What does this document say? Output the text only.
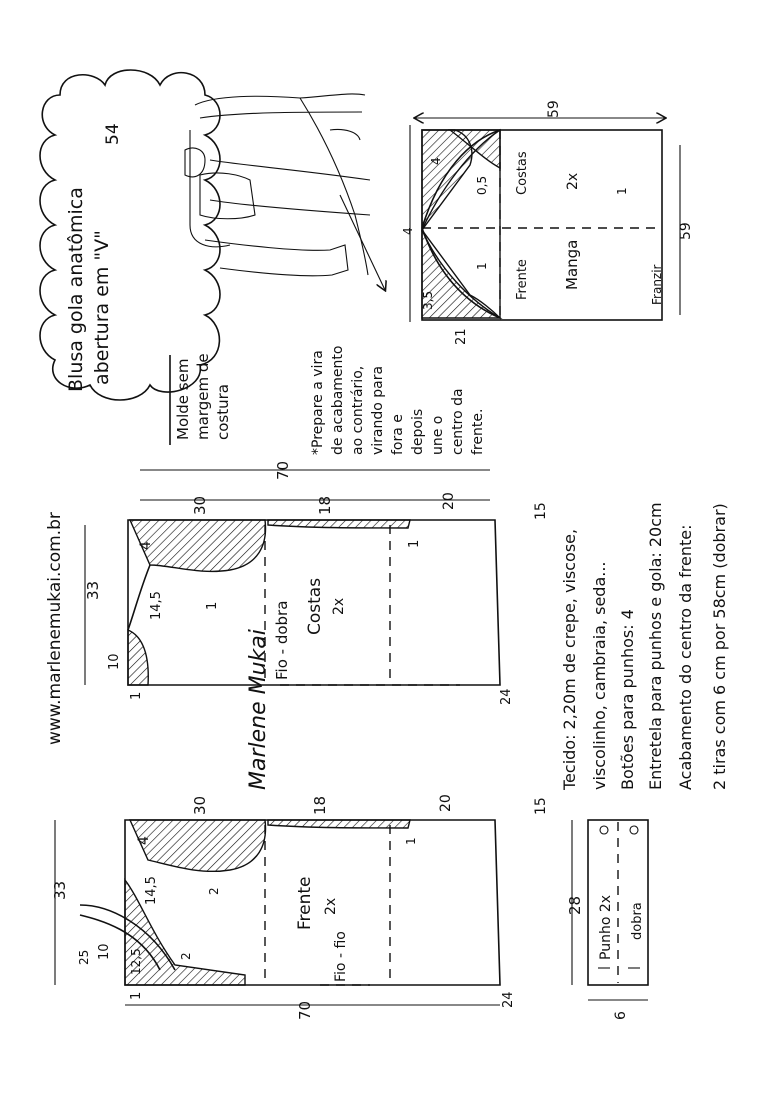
Blusa gola anatômica abertura em "V"
54
Molde sem margem de costura	*Prepare a vira de acabamento ao contrário, virando para fora e depois une o centro da frente.
Frente
Costas
Manga
2x
Franzir
59
59
21
3,5
4
4
0,5
1
1
www.marlenemukai.com.br	Costas 2x
Fio - dobra
70
33
30	18	20
15
4
14,5
10
1
1
24
1	Marlene Mukai	Tecido: 2,20m de crepe, viscose, viscolinho, cambraia, seda... Botões para punhos: 4 Entretela para punhos e gola: 20cm Acabamento do centro da frente: 2 tiras com 6 cm por 58cm (dobrar)
Frente 2x
Fio - fio
70
33
30	18	20	15
4
14,5
10 12,5
25	2
1
2
24
1
Punho 2x dobra
28
6
